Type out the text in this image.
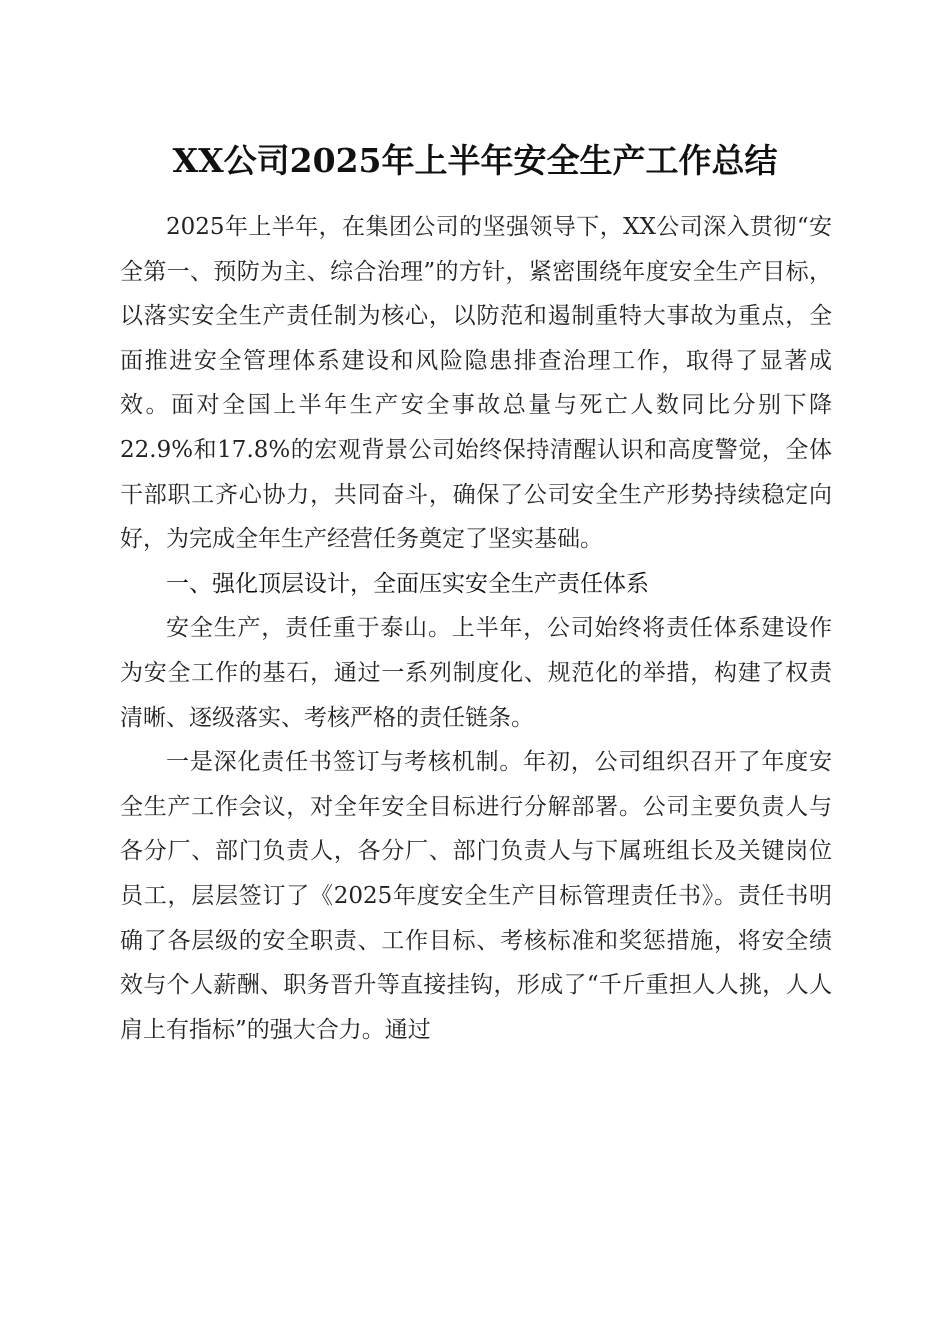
XX公司2025年上半年安全生产工作总结

2025年上半年，在集团公司的坚强领导下，XX公司深入贯彻“安全第一、预防为主、综合治理”的方针，紧密围绕年度安全生产目标，以落实安全生产责任制为核心，以防范和遏制重特大事故为重点，全面推进安全管理体系建设和风险隐患排查治理工作，取得了显著成效。面对全国上半年生产安全事故总量与死亡人数同比分别下降22.9%和17.8%的宏观背景公司始终保持清醒认识和高度警觉，全体干部职工齐心协力，共同奋斗，确保了公司安全生产形势持续稳定向好，为完成全年生产经营任务奠定了坚实基础。

一、强化顶层设计，全面压实安全生产责任体系

安全生产，责任重于泰山。上半年，公司始终将责任体系建设作为安全工作的基石，通过一系列制度化、规范化的举措，构建了权责清晰、逐级落实、考核严格的责任链条。

一是深化责任书签订与考核机制。年初，公司组织召开了年度安全生产工作会议，对全年安全目标进行分解部署。公司主要负责人与各分厂、部门负责人，各分厂、部门负责人与下属班组长及关键岗位员工，层层签订了《2025年度安全生产目标管理责任书》。责任书明确了各层级的安全职责、工作目标、考核标准和奖惩措施，将安全绩效与个人薪酬、职务晋升等直接挂钩，形成了“千斤重担人人挑，人人肩上有指标”的强大合力。通过
